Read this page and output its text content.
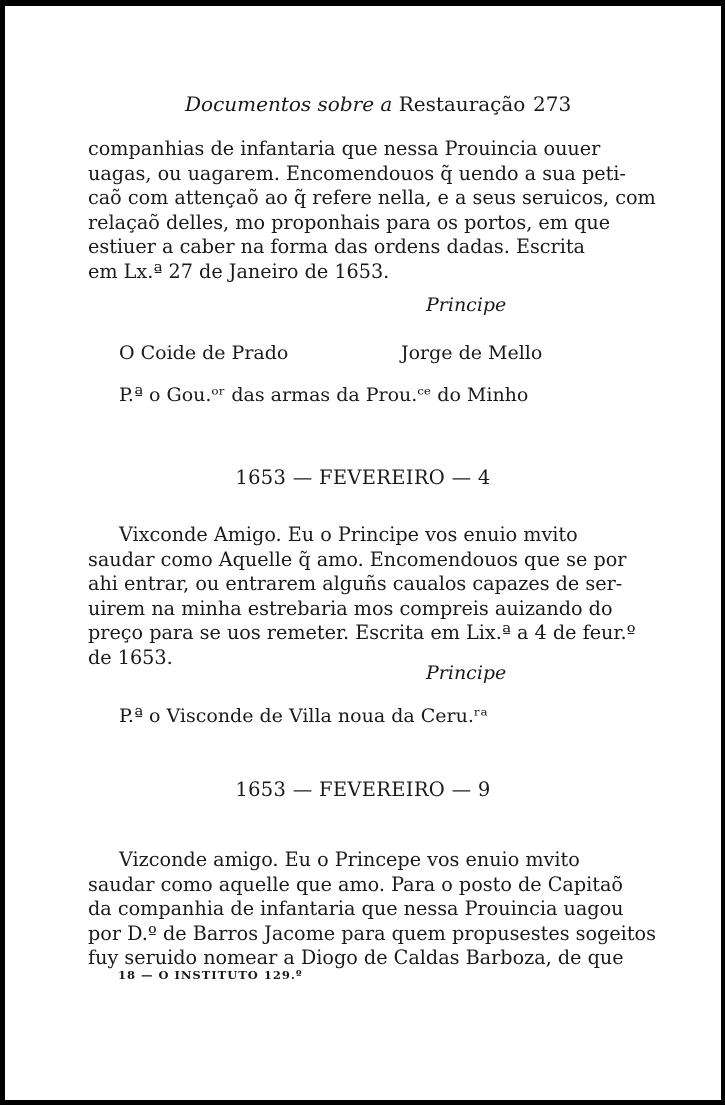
Documentos sobre a Restauração 273

companhias de infantaria que nessa Prouincia ouuer
uagas, ou uagarem. Encomendouos q̃ uendo a sua peti-
caõ com attençaõ ao q̃ refere nella, e a seus seruicos, com
relaçaõ delles, mo proponhais para os portos, em que
estiuer a caber na forma das ordens dadas. Escrita
em Lx.ª 27 de Janeiro de 1653.

Principe
O Coide de Prado	Jorge de Mello
P.ª o Gou.ᵒʳ das armas da Prou.ᶜᵉ do Minho
1653 — FEVEREIRO — 4

Vixconde Amigo. Eu o Principe vos enuio mvito
saudar como Aquelle q̃ amo. Encomendouos que se por
ahi entrar, ou entrarem alguñs caualos capazes de ser-
uirem na minha estrebaria mos compreis auizando do
preço para se uos remeter. Escrita em Lix.ª a 4 de feur.º
de 1653.

Principe
P.ª o Visconde de Villa noua da Ceru.ʳᵃ
1653 — FEVEREIRO — 9

Vizconde amigo. Eu o Princepe vos enuio mvito
saudar como aquelle que amo. Para o posto de Capitaõ
da companhia de infantaria que nessa Prouincia uagou
por D.º de Barros Jacome para quem propusestes sogeitos
fuy seruido nomear a Diogo de Caldas Barboza, de que

18 — O INSTITUTO 129.º
